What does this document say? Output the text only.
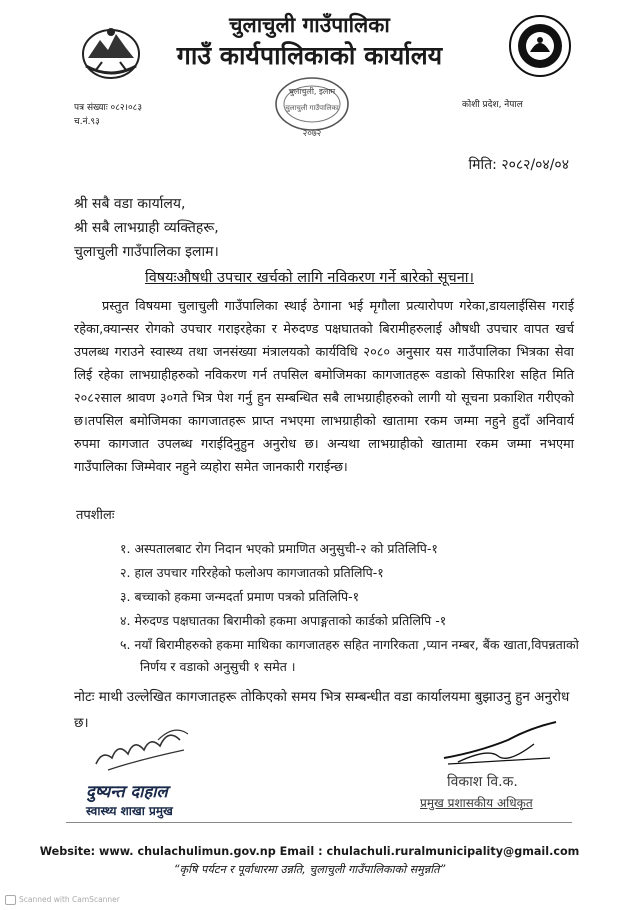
चुलाचुली गाउँपालिका
गाउँ कार्यपालिकाको कार्यालय
चुलाचुली, इलाम
चुलाचुली गाउँपालिका
२०७२
पत्र संख्याः ०८२।०८३
च.नं.९३
कोशी प्रदेश, नेपाल
मिति: २०८२/०४/०४
श्री सबै वडा कार्यालय,
श्री सबै लाभग्राही व्यक्तिहरू,
चुलाचुली गाउँपालिका इलाम।
विषयःऔषधी उपचार खर्चको लागि नविकरण गर्ने बारेको सूचना।

प्रस्तुत विषयमा चुलाचुली गाउँपालिका स्थाई ठेगाना भई मृगौला प्रत्यारोपण गरेका,डायलाईसिस गराई रहेका,क्यान्सर रोगको उपचार गराइरहेका र मेरुदण्ड पक्षघातको बिरामीहरुलाई औषधी उपचार वापत खर्च उपलब्ध गराउने स्वास्थ्य तथा जनसंख्या मंत्रालयको कार्यविधि २०८० अनुसार यस गाउँपालिका भित्रका सेवा लिई रहेका लाभग्राहीहरुको नविकरण गर्न तपसिल बमोजिमका कागजातहरू वडाको सिफारिश सहित मिति २०८२साल श्रावण ३०गते भित्र पेश गर्नु हुन सम्बन्धित सबै लाभग्राहीहरुको लागी यो सूचना प्रकाशित गरीएको छ।तपसिल बमोजिमका कागजातहरू प्राप्त नभएमा लाभग्राहीको खातामा रकम जम्मा नहुने हुदाँ अनिवार्य रुपमा कागजात उपलब्ध गराईदिनुहुन अनुरोध छ। अन्यथा लाभग्राहीको खातामा रकम जम्मा नभएमा गाउँपालिका जिम्मेवार नहुने व्यहोरा समेत जानकारी गराईन्छ।

तपशीलः
१. अस्पतालबाट रोग निदान भएको प्रमाणित अनुसुची-२ को प्रतिलिपि-१
२. हाल उपचार गरिरहेको फलोअप कागजातको प्रतिलिपि-१
३. बच्चाको हकमा जन्मदर्ता प्रमाण पत्रको प्रतिलिपि-१
४. मेरुदण्ड पक्षघातका बिरामीको हकमा अपाङ्गताको कार्डको प्रतिलिपि -१
५. नयाँ बिरामीहरुको हकमा माथिका कागजातहरु सहित नागरिकता ,प्यान नम्बर, बैंक खाता,विपन्नताको
निर्णय र वडाको अनुसुची १ समेत ।
नोटः माथी उल्लेखित कागजातहरू तोकिएको समय भित्र सम्बन्धीत वडा कार्यालयमा बुझाउनु हुन अनुरोध छ।
दुष्यन्त दाहाल
स्वास्थ्य शाखा प्रमुख
विकाश वि.क.
प्रमुख प्रशासकीय अधिकृत
Website: www. chulachulimun.gov.np Email : chulachuli.ruralmunicipality@gmail.com
“कृषि पर्यटन र पूर्वाधारमा उन्नति, चुलाचुली गाउँपालिकाको समुन्नति”
Scanned with CamScanner
